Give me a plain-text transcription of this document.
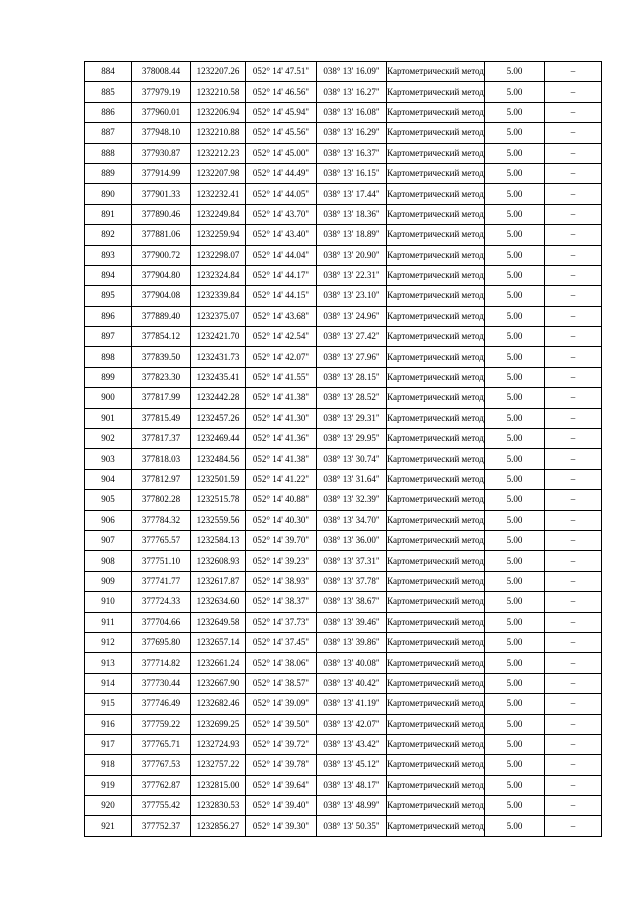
884	378008.44	1232207.26	052° 14' 47.51"	038° 13' 16.09"	Картометрический метод	5.00	–
885	377979.19	1232210.58	052° 14' 46.56"	038° 13' 16.27"	Картометрический метод	5.00	–
886	377960.01	1232206.94	052° 14' 45.94"	038° 13' 16.08"	Картометрический метод	5.00	–
887	377948.10	1232210.88	052° 14' 45.56"	038° 13' 16.29"	Картометрический метод	5.00	–
888	377930.87	1232212.23	052° 14' 45.00"	038° 13' 16.37"	Картометрический метод	5.00	–
889	377914.99	1232207.98	052° 14' 44.49"	038° 13' 16.15"	Картометрический метод	5.00	–
890	377901.33	1232232.41	052° 14' 44.05"	038° 13' 17.44"	Картометрический метод	5.00	–
891	377890.46	1232249.84	052° 14' 43.70"	038° 13' 18.36"	Картометрический метод	5.00	–
892	377881.06	1232259.94	052° 14' 43.40"	038° 13' 18.89"	Картометрический метод	5.00	–
893	377900.72	1232298.07	052° 14' 44.04"	038° 13' 20.90"	Картометрический метод	5.00	–
894	377904.80	1232324.84	052° 14' 44.17"	038° 13' 22.31"	Картометрический метод	5.00	–
895	377904.08	1232339.84	052° 14' 44.15"	038° 13' 23.10"	Картометрический метод	5.00	–
896	377889.40	1232375.07	052° 14' 43.68"	038° 13' 24.96"	Картометрический метод	5.00	–
897	377854.12	1232421.70	052° 14' 42.54"	038° 13' 27.42"	Картометрический метод	5.00	–
898	377839.50	1232431.73	052° 14' 42.07"	038° 13' 27.96"	Картометрический метод	5.00	–
899	377823.30	1232435.41	052° 14' 41.55"	038° 13' 28.15"	Картометрический метод	5.00	–
900	377817.99	1232442.28	052° 14' 41.38"	038° 13' 28.52"	Картометрический метод	5.00	–
901	377815.49	1232457.26	052° 14' 41.30"	038° 13' 29.31"	Картометрический метод	5.00	–
902	377817.37	1232469.44	052° 14' 41.36"	038° 13' 29.95"	Картометрический метод	5.00	–
903	377818.03	1232484.56	052° 14' 41.38"	038° 13' 30.74"	Картометрический метод	5.00	–
904	377812.97	1232501.59	052° 14' 41.22"	038° 13' 31.64"	Картометрический метод	5.00	–
905	377802.28	1232515.78	052° 14' 40.88"	038° 13' 32.39"	Картометрический метод	5.00	–
906	377784.32	1232559.56	052° 14' 40.30"	038° 13' 34.70"	Картометрический метод	5.00	–
907	377765.57	1232584.13	052° 14' 39.70"	038° 13' 36.00"	Картометрический метод	5.00	–
908	377751.10	1232608.93	052° 14' 39.23"	038° 13' 37.31"	Картометрический метод	5.00	–
909	377741.77	1232617.87	052° 14' 38.93"	038° 13' 37.78"	Картометрический метод	5.00	–
910	377724.33	1232634.60	052° 14' 38.37"	038° 13' 38.67"	Картометрический метод	5.00	–
911	377704.66	1232649.58	052° 14' 37.73"	038° 13' 39.46"	Картометрический метод	5.00	–
912	377695.80	1232657.14	052° 14' 37.45"	038° 13' 39.86"	Картометрический метод	5.00	–
913	377714.82	1232661.24	052° 14' 38.06"	038° 13' 40.08"	Картометрический метод	5.00	–
914	377730.44	1232667.90	052° 14' 38.57"	038° 13' 40.42"	Картометрический метод	5.00	–
915	377746.49	1232682.46	052° 14' 39.09"	038° 13' 41.19"	Картометрический метод	5.00	–
916	377759.22	1232699.25	052° 14' 39.50"	038° 13' 42.07"	Картометрический метод	5.00	–
917	377765.71	1232724.93	052° 14' 39.72"	038° 13' 43.42"	Картометрический метод	5.00	–
918	377767.53	1232757.22	052° 14' 39.78"	038° 13' 45.12"	Картометрический метод	5.00	–
919	377762.87	1232815.00	052° 14' 39.64"	038° 13' 48.17"	Картометрический метод	5.00	–
920	377755.42	1232830.53	052° 14' 39.40"	038° 13' 48.99"	Картометрический метод	5.00	–
921	377752.37	1232856.27	052° 14' 39.30"	038° 13' 50.35"	Картометрический метод	5.00	–
